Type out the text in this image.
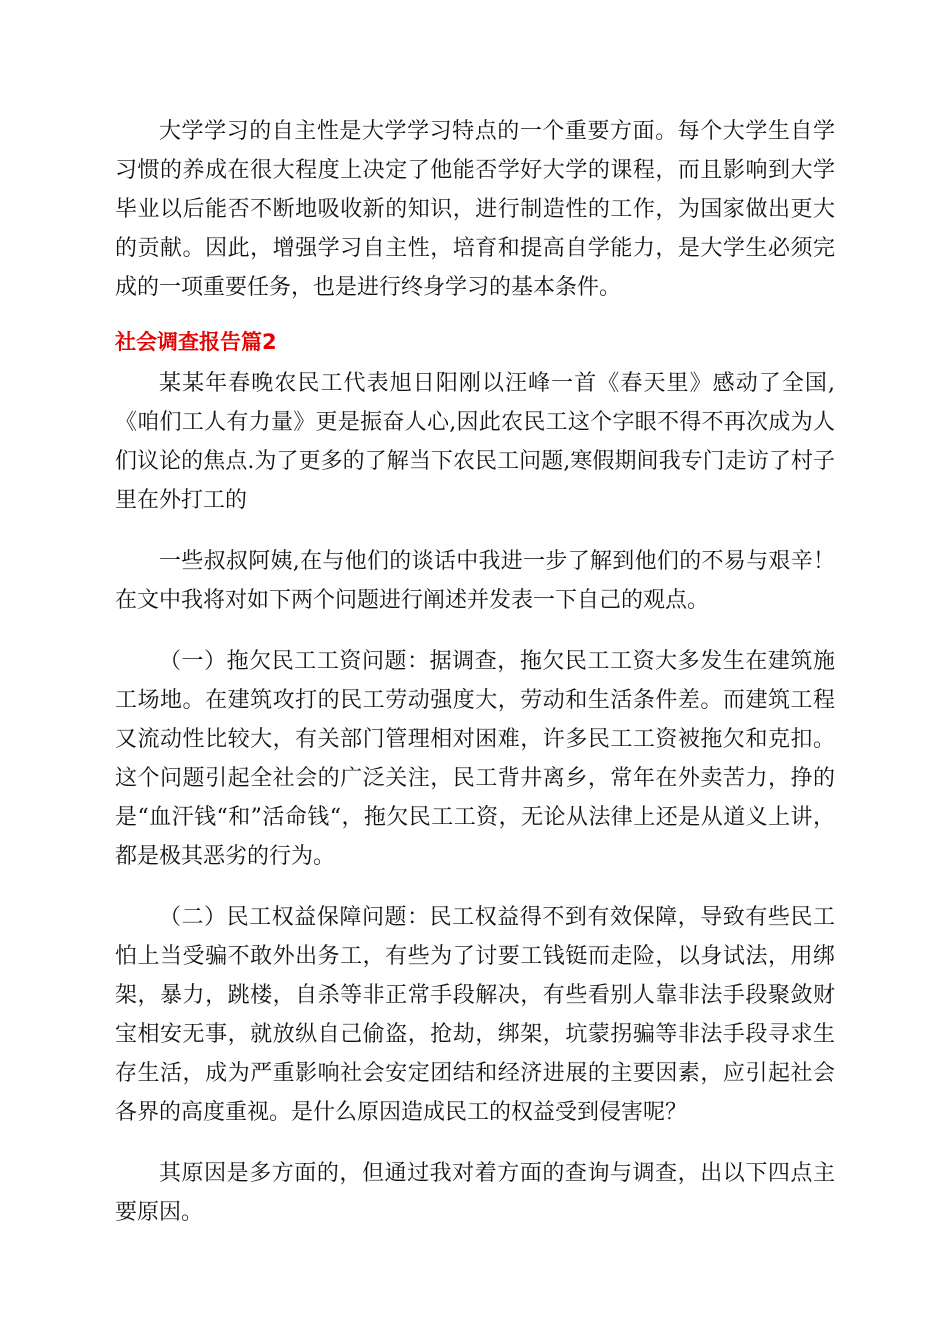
大学学习的自主性是大学学习特点的一个重要方面。每个大学生自学习惯的养成在很大程度上决定了他能否学好大学的课程，而且影响到大学毕业以后能否不断地吸收新的知识，进行制造性的工作，为国家做出更大的贡献。因此，增强学习自主性，培育和提高自学能力，是大学生必须完成的一项重要任务，也是进行终身学习的基本条件。

社会调查报告篇2

某某年春晚农民工代表旭日阳刚以汪峰一首《春天里》感动了全国,《咱们工人有力量》更是振奋人心,因此农民工这个字眼不得不再次成为人们议论的焦点.为了更多的了解当下农民工问题,寒假期间我专门走访了村子里在外打工的

一些叔叔阿姨,在与他们的谈话中我进一步了解到他们的不易与艰辛！在文中我将对如下两个问题进行阐述并发表一下自己的观点。

（一）拖欠民工工资问题：据调查，拖欠民工工资大多发生在建筑施工场地。在建筑攻打的民工劳动强度大，劳动和生活条件差。而建筑工程又流动性比较大，有关部门管理相对困难，许多民工工资被拖欠和克扣。这个问题引起全社会的广泛关注，民工背井离乡，常年在外卖苦力，挣的是“血汗钱“和”活命钱“，拖欠民工工资，无论从法律上还是从道义上讲，都是极其恶劣的行为。

（二）民工权益保障问题：民工权益得不到有效保障，导致有些民工怕上当受骗不敢外出务工，有些为了讨要工钱铤而走险，以身试法，用绑架，暴力，跳楼，自杀等非正常手段解决，有些看别人靠非法手段聚敛财宝相安无事，就放纵自己偷盗，抢劫，绑架，坑蒙拐骗等非法手段寻求生存生活，成为严重影响社会安定团结和经济进展的主要因素，应引起社会各界的高度重视。是什么原因造成民工的权益受到侵害呢？

其原因是多方面的，但通过我对着方面的查询与调查，出以下四点主要原因。
